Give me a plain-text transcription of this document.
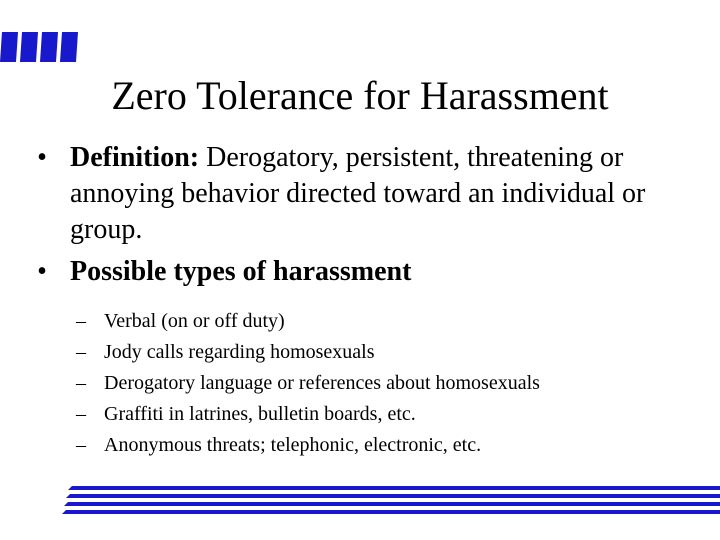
Zero Tolerance for Harassment
• Definition: Derogatory, persistent, threatening or annoying behavior directed toward an individual or group.
• Possible types of harassment
– Verbal (on or off duty)
– Jody calls regarding homosexuals
– Derogatory language or references about homosexuals
– Graffiti in latrines, bulletin boards, etc.
– Anonymous threats; telephonic, electronic, etc.
